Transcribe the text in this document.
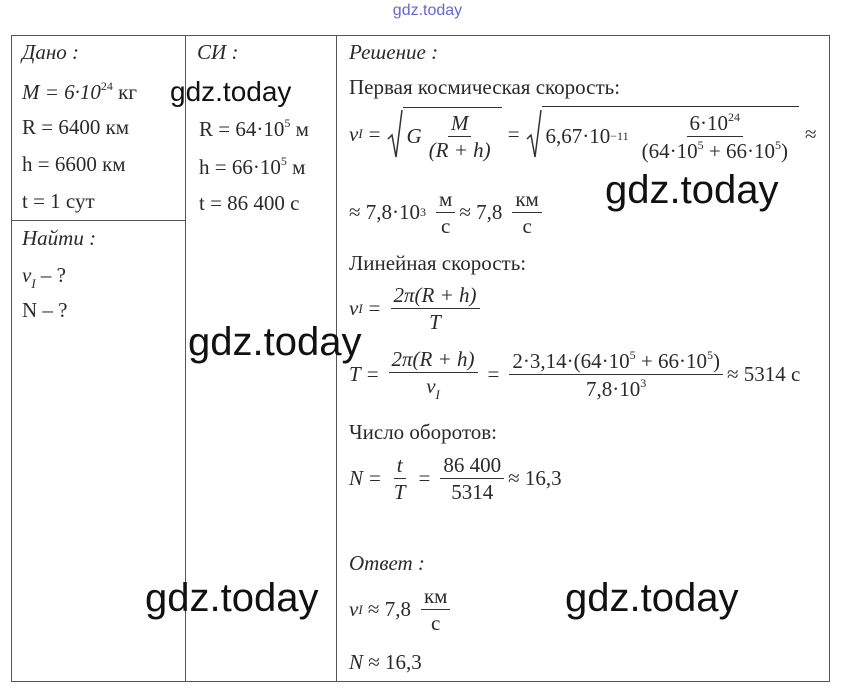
gdz.today
Дано :
$M = 6\cdot 10^{24}$ кг
R = 6400 км
h = 6600 км
t = 1 сут
Найти :
$v_I$ – ?
N – ?
СИ :
$R = 64\cdot 10^5$ м
$h = 66\cdot 10^5$ м
t = 86 400 с
Решение :
Первая космическая скорость:
v I = G $\frac{M}{(R + h)} = 6,67\cdot 10 -11 \frac{6\cdot 10^{24}}{(64\cdot 10^5 + 66\cdot 10^5)}$ ≈
≈
7,8·10 $3 \frac{м}{с}$ ≈
$7,8 \frac{км}{с}$
Линейная скорость:
v $I = \frac{2\pi(R + h)}{T}$
$T = \frac{2\pi(R + h)}{v_I} = \frac{2\cdot 3,14\cdot(64\cdot 10^5 + 66\cdot 10^5)}{7,8\cdot 10^3}$ ≈
5314 с
Число оборотов:
$N = \frac{t}{T} = \frac{86 400}{5314}$ ≈
16,3
Ответ :
v I
≈
$7,8 \frac{км}{с}$
N
≈
16,3
gdz.today
gdz.today
gdz.today
gdz.today	gdz.today
